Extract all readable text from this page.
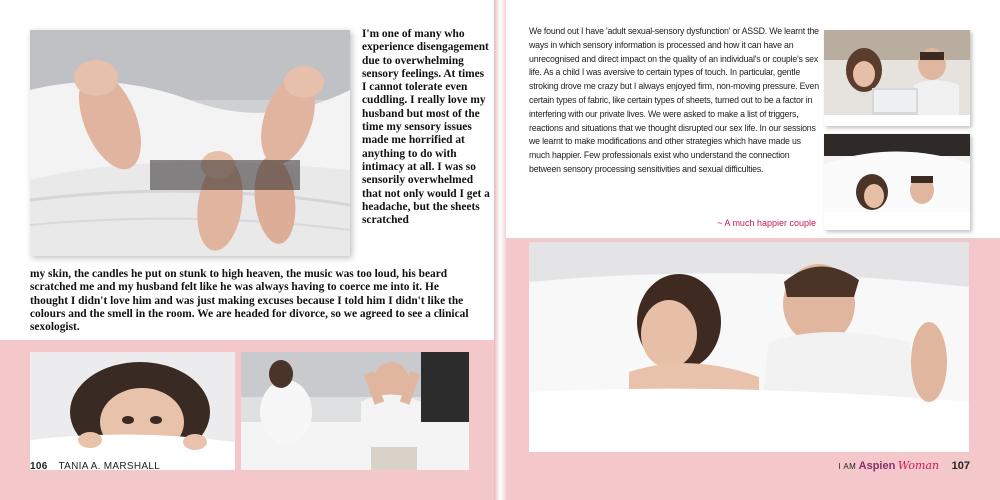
I'm one of many who experience disengagement due to overwhelming sensory feelings. At times I cannot tolerate even cuddling. I really love my husband but most of the time my sensory issues made me horrified at anything to do with intimacy at all. I was so sensorily overwhelmed that not only would I get a headache, but the sheets scratched
my skin, the candles he put on stunk to high heaven, the music was too loud, his beard scratched me and my husband felt like he was always having to coerce me into it. He thought I didn't love him and was just making excuses because I told him I didn't like the colours and the smell in the room. We are headed for divorce, so we agreed to see a clinical sexologist.
106 TANIA A. MARSHALL
We found out I have 'adult sexual-sensory dysfunction' or ASSD. We learnt the ways in which sensory information is processed and how it can have an unrecognised and direct impact on the quality of an individual's or couple's sex life. As a child I was aversive to certain types of touch. In particular, gentle stroking drove me crazy but I always enjoyed firm, non-moving pressure. Even certain types of fabric, like certain types of sheets, turned out to be a factor in interfering with our private lives. We were asked to make a list of triggers, reactions and situations that we thought disrupted our sex life. In our sessions we learnt to make modifications and other strategies which have made us much happier. Few professionals exist who understand the connection between sensory processing sensitivities and sexual difficulties.
~ A much happier couple
I AM Aspien Woman 107
